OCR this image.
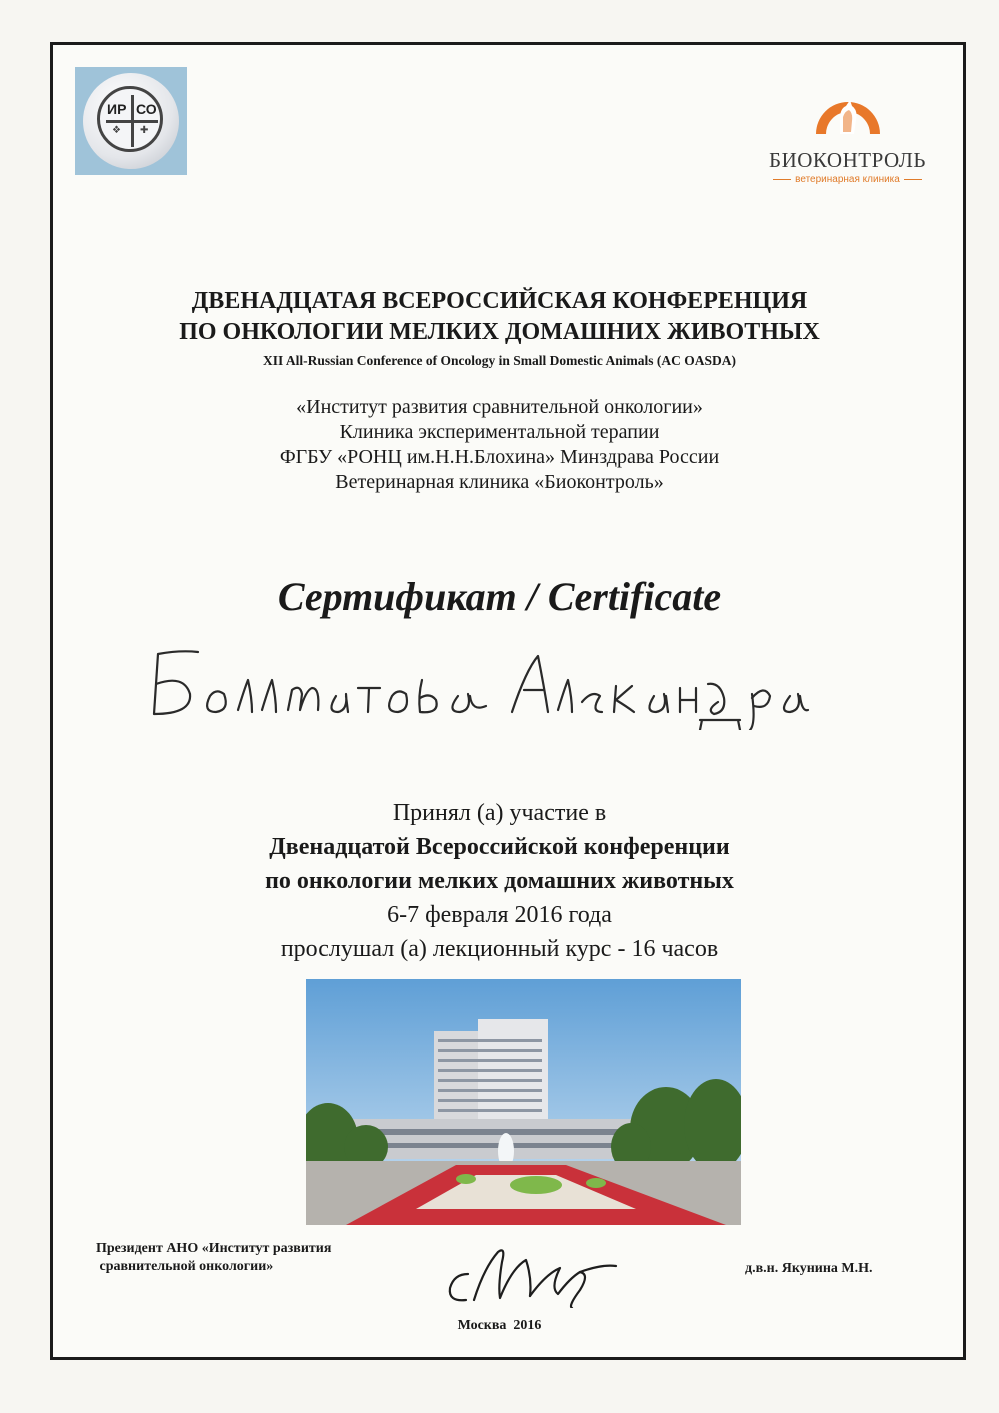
ИР СО
❖ ✚
БИОКОНТРОЛЬ
ветеринарная клиника
ДВЕНАДЦАТАЯ ВСЕРОССИЙСКАЯ КОНФЕРЕНЦИЯ
ПО ОНКОЛОГИИ МЕЛКИХ ДОМАШНИХ ЖИВОТНЫХ
XII All-Russian Conference of Oncology in Small Domestic Animals (AC OASDA)
«Институт развития сравнительной онкологии»
Клиника экспериментальной терапии
ФГБУ «РОНЦ им.Н.Н.Блохина» Минздрава России
Ветеринарная клиника «Биоконтроль»
Сертификат / Certificate
Принял (а) участие в
Двенадцатой Всероссийской конференции
по онкологии мелких домашних животных
6-7 февраля 2016 года
прослушал (а) лекционный курс - 16 часов
Президент АНО «Институт развития
сравнительной онкологии»	д.в.н. Якунина М.Н.
Москва  2016
